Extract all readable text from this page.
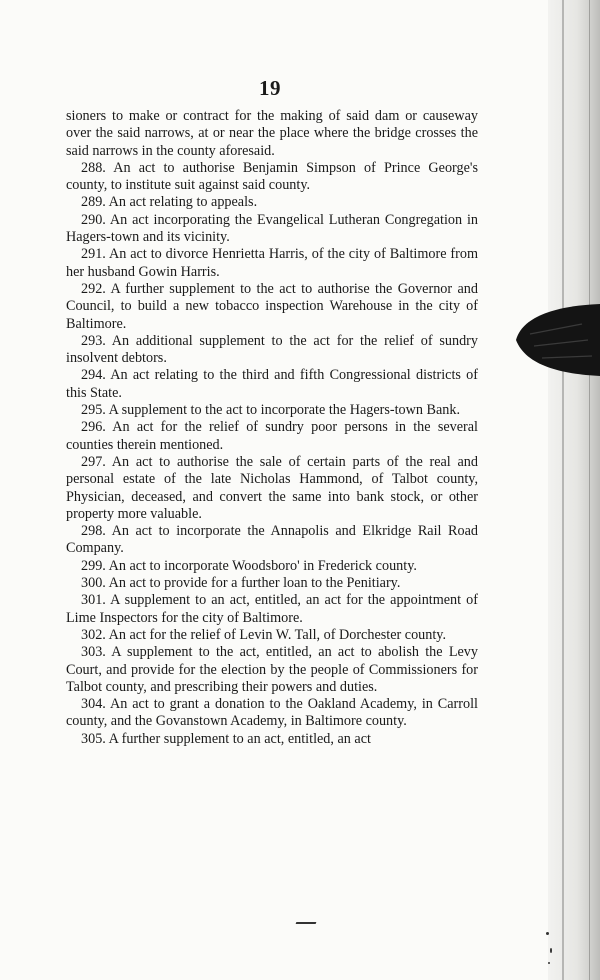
19

sioners to make or contract for the making of said dam or causeway over the said narrows, at or near the place where the bridge crosses the said narrows in the county aforesaid.

288. An act to authorise Benjamin Simpson of Prince George's county, to institute suit against said county.

289. An act relating to appeals.

290. An act incorporating the Evangelical Lutheran Congregation in Hagers-town and its vicinity.

291. An act to divorce Henrietta Harris, of the city of Baltimore from her husband Gowin Harris.

292. A further supplement to the act to authorise the Governor and Council, to build a new tobacco inspection Warehouse in the city of Baltimore.

293. An additional supplement to the act for the relief of sundry insolvent debtors.

294. An act relating to the third and fifth Congressional districts of this State.

295. A supplement to the act to incorporate the Hagers-town Bank.

296. An act for the relief of sundry poor persons in the several counties therein mentioned.

297. An act to authorise the sale of certain parts of the real and personal estate of the late Nicholas Hammond, of Talbot county, Physician, deceased, and convert the same into bank stock, or other property more valuable.

298. An act to incorporate the Annapolis and Elkridge Rail Road Company.

299. An act to incorporate Woodsboro' in Frederick county.

300. An act to provide for a further loan to the Penitiary.

301. A supplement to an act, entitled, an act for the appointment of Lime Inspectors for the city of Baltimore.

302. An act for the relief of Levin W. Tall, of Dorchester county.

303. A supplement to the act, entitled, an act to abolish the Levy Court, and provide for the election by the people of Commissioners for Talbot county, and prescribing their powers and duties.

304. An act to grant a donation to the Oakland Academy, in Carroll county, and the Govanstown Academy, in Baltimore county.

305. A further supplement to an act, entitled, an act
